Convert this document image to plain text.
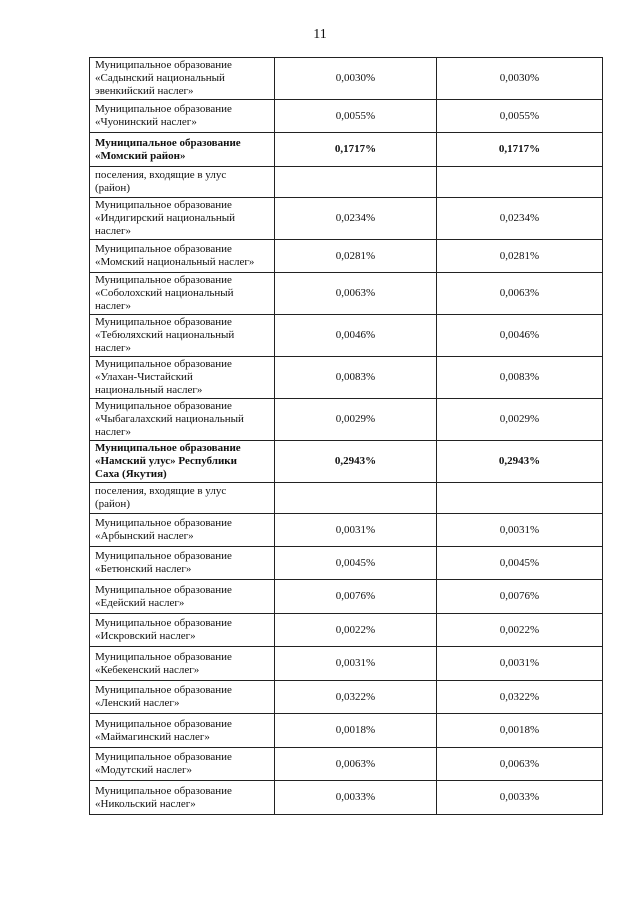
11
Муниципальное образование
«Садынский национальный
эвенкийский наслег»	0,0030%	0,0030%

Муниципальное образование
«Чуонинский наслег»	0,0055%	0,0055%

Муниципальное образование
«Момский район»	0,1717%	0,1717%

поселения, входящие в улус
(район)		

Муниципальное образование
«Индигирский национальный
наслег»	0,0234%	0,0234%

Муниципальное образование
«Момский национальный наслег»	0,0281%	0,0281%

Муниципальное образование
«Соболохский национальный
наслег»	0,0063%	0,0063%

Муниципальное образование
«Тебюляхский национальный
наслег»	0,0046%	0,0046%

Муниципальное образование
«Улахан-Чистайский
национальный наслег»	0,0083%	0,0083%

Муниципальное образование
«Чыбагалахский национальный
наслег»	0,0029%	0,0029%

Муниципальное образование
«Намский улус» Республики
Саха (Якутия)	0,2943%	0,2943%

поселения, входящие в улус
(район)		

Муниципальное образование
«Арбынский наслег»	0,0031%	0,0031%

Муниципальное образование
«Бетюнский наслег»	0,0045%	0,0045%

Муниципальное образование
«Едейский наслег»	0,0076%	0,0076%

Муниципальное образование
«Искровский наслег»	0,0022%	0,0022%

Муниципальное образование
«Кебекенский наслег»	0,0031%	0,0031%

Муниципальное образование
«Ленский наслег»	0,0322%	0,0322%

Муниципальное образование
«Маймагинский наслег»	0,0018%	0,0018%

Муниципальное образование
«Модутский наслег»	0,0063%	0,0063%

Муниципальное образование
«Никольский наслег»	0,0033%	0,0033%
